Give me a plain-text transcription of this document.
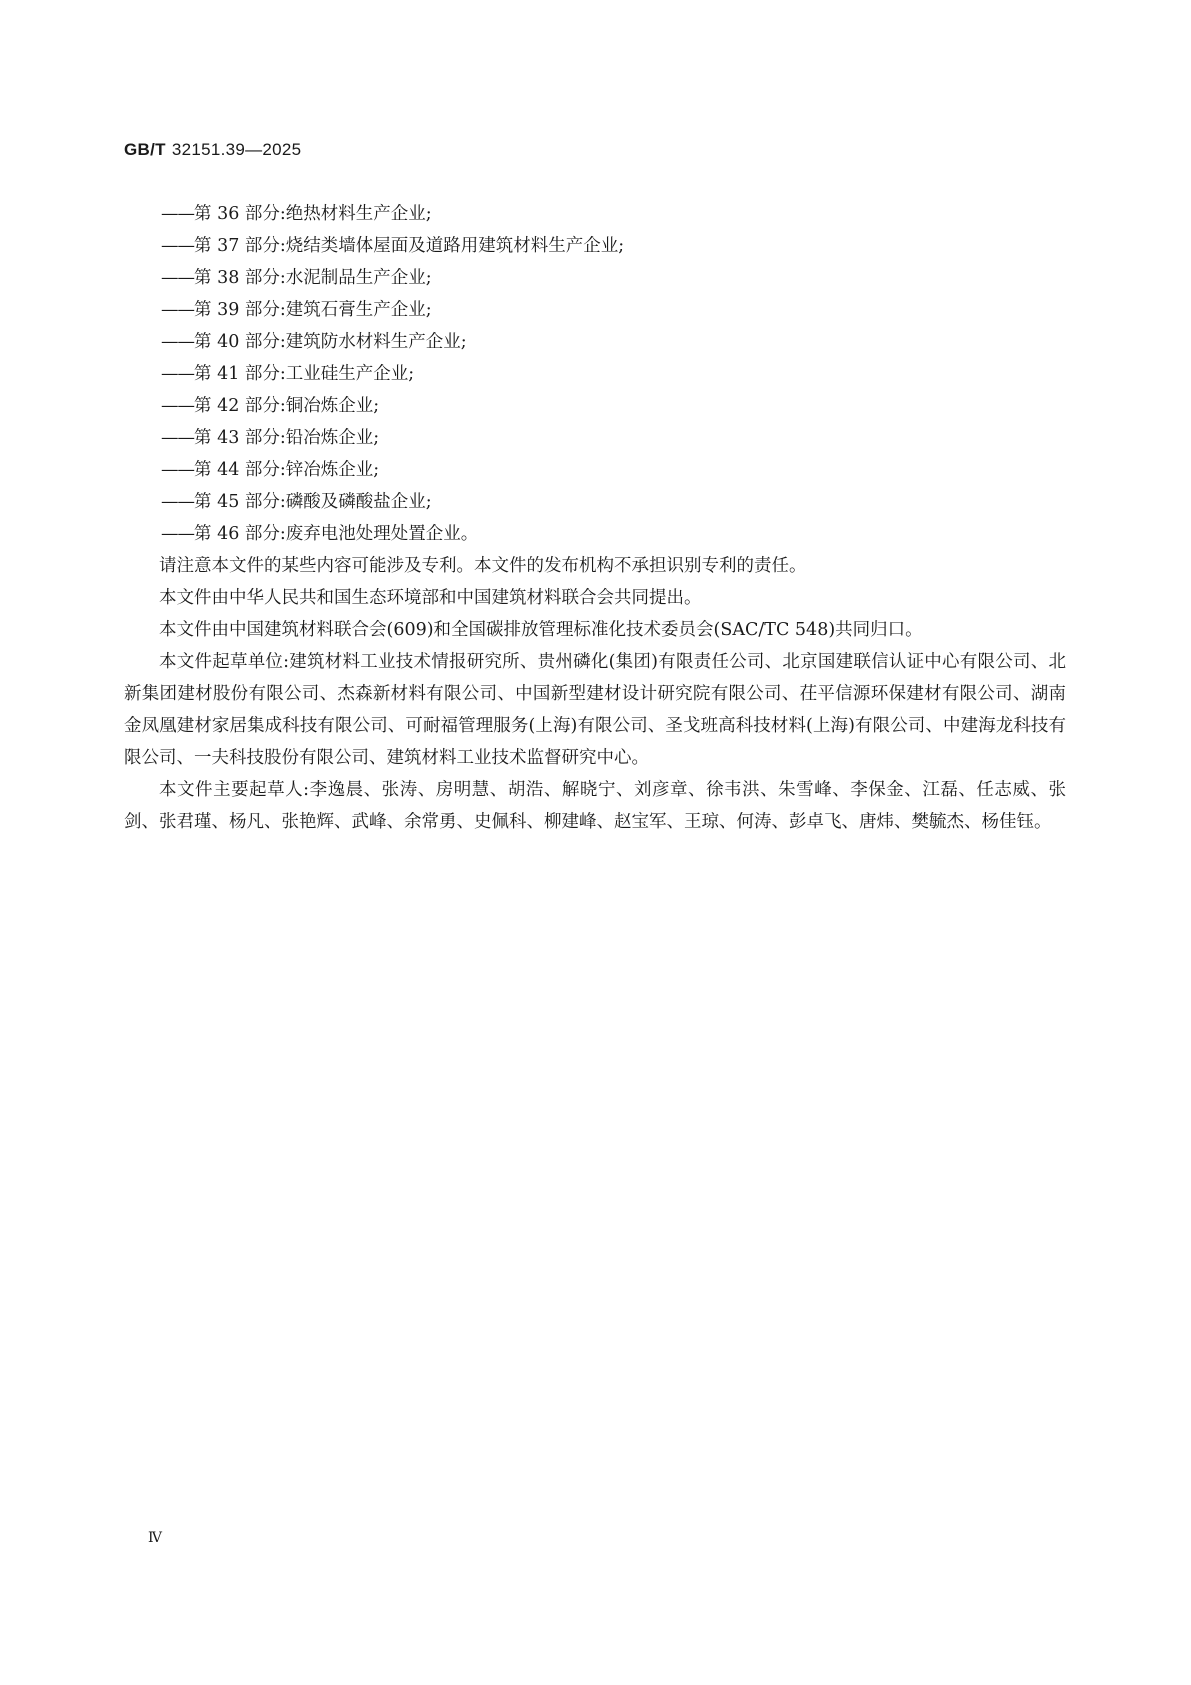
GB/T 32151.39—2025
——第 36 部分:绝热材料生产企业;
——第 37 部分:烧结类墙体屋面及道路用建筑材料生产企业;
——第 38 部分:水泥制品生产企业;
——第 39 部分:建筑石膏生产企业;
——第 40 部分:建筑防水材料生产企业;
——第 41 部分:工业硅生产企业;
——第 42 部分:铜冶炼企业;
——第 43 部分:铅冶炼企业;
——第 44 部分:锌冶炼企业;
——第 45 部分:磷酸及磷酸盐企业;
——第 46 部分:废弃电池处理处置企业。

请注意本文件的某些内容可能涉及专利。本文件的发布机构不承担识别专利的责任。

本文件由中华人民共和国生态环境部和中国建筑材料联合会共同提出。

本文件由中国建筑材料联合会(609)和全国碳排放管理标准化技术委员会(SAC/TC 548)共同归口。

本文件起草单位:建筑材料工业技术情报研究所、贵州磷化(集团)有限责任公司、北京国建联信认证中心有限公司、北新集团建材股份有限公司、杰森新材料有限公司、中国新型建材设计研究院有限公司、茌平信源环保建材有限公司、湖南金凤凰建材家居集成科技有限公司、可耐福管理服务(上海)有限公司、圣戈班高科技材料(上海)有限公司、中建海龙科技有限公司、一夫科技股份有限公司、建筑材料工业技术监督研究中心。

本文件主要起草人:李逸晨、张涛、房明慧、胡浩、解晓宁、刘彦章、徐韦洪、朱雪峰、李保金、江磊、任志威、张剑、张君瑾、杨凡、张艳辉、武峰、余常勇、史佩科、柳建峰、赵宝军、王琼、何涛、彭卓飞、唐炜、樊毓杰、杨佳钰。

Ⅳ
